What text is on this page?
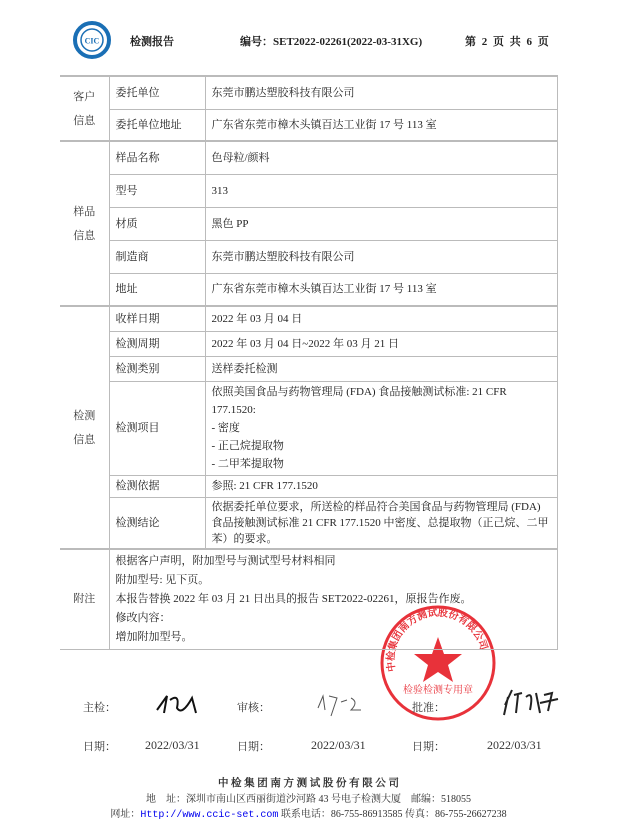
CIC	检测报告	编号：SET2022-02261(2022-03-31XG)	第 2 页 共 6 页
中检集团南方测试股份有限公司
检验检测专用章
客户
信息	委托单位	东莞市鹏达塑胶科技有限公司
	委托单位地址	广东省东莞市樟木头镇百达工业街 17 号 113 室
样品
信息	样品名称	色母粒/颜料
	型号	313
	材质	黑色 PP
	制造商	东莞市鹏达塑胶科技有限公司
	地址	广东省东莞市樟木头镇百达工业街 17 号 113 室
检测
信息	收样日期	2022 年 03 月 04 日
	检测周期	2022 年 03 月 04 日~2022 年 03 月 21 日
	检测类别	送样委托检测
	检测项目	依照美国食品与药物管理局 (FDA) 食品接触测试标准: 21 CFR 177.1520:
- 密度
- 正己烷提取物
- 二甲苯提取物

	检测依据	参照: 21 CFR 177.1520
	检测结论	依据委托单位要求，所送检的样品符合美国食品与药物管理局 (FDA) 食品接触测试标准 21 CFR 177.1520 中密度、总提取物（正己烷、二甲苯）的要求。
附注	根据客户声明，附加型号与测试型号材料相同
附加型号: 见下页。
本报告替换 2022 年 03 月 21 日出具的报告 SET2022-02261，原报告作废。
修改内容：
增加附加型号。	
主检：	审核：	批准：
日期： 2022/03/31	日期：	2022/03/31	日期：	2022/03/31
中 检 集 团 南 方 测 试 股 份 有 限 公 司
地　址：深圳市南山区西丽街道沙河路 43 号电子检测大厦　邮编：518055
网址：Http://www.ccic-set.com 联系电话：86-755-86913585 传真：86-755-26627238
